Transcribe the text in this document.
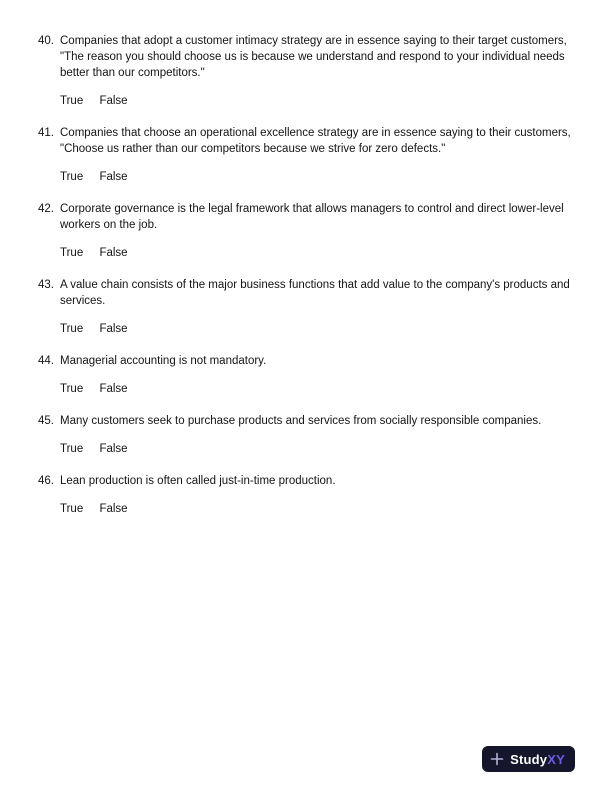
40. Companies that adopt a customer intimacy strategy are in essence saying to their target customers, "The reason you should choose us is because we understand and respond to your individual needs better than our competitors."

True False
41. Companies that choose an operational excellence strategy are in essence saying to their customers, "Choose us rather than our competitors because we strive for zero defects."

True False
42. Corporate governance is the legal framework that allows managers to control and direct lower-level workers on the job.

True False
43. A value chain consists of the major business functions that add value to the company's products and services.

True False
44. Managerial accounting is not mandatory.

True False
45. Many customers seek to purchase products and services from socially responsible companies.

True False
46. Lean production is often called just-in-time production.

True False
StudyXY
